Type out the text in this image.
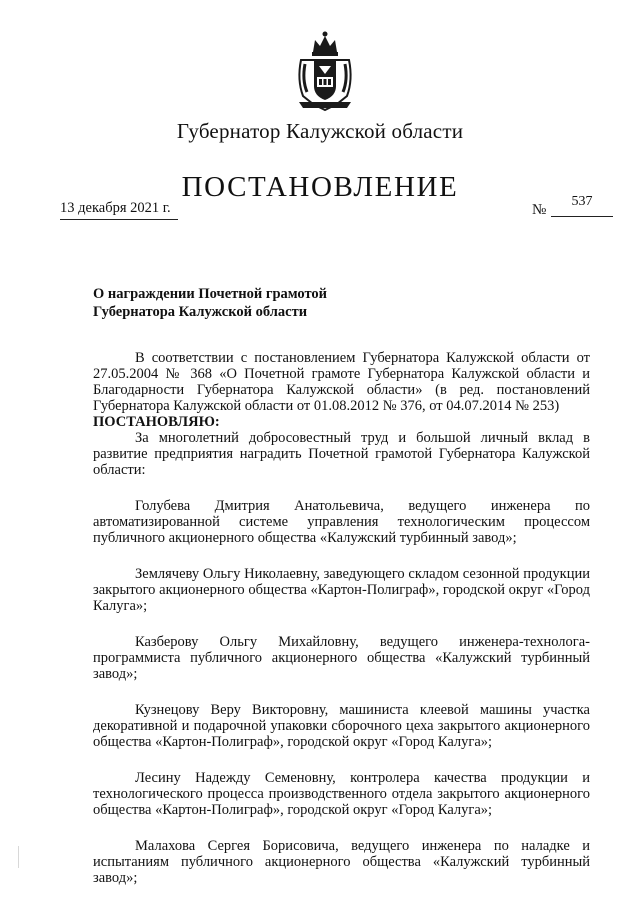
Губернатор Калужской области
ПОСТАНОВЛЕНИЕ
13 декабря 2021 г.	№
537
О награждении Почетной грамотой
Губернатора Калужской области

В соответствии с постановлением Губернатора Калужской области от 27.05.2004 № 368 «О Почетной грамоте Губернатора Калужской области и Благодарности Губернатора Калужской области» (в ред. постановлений Губернатора Калужской области от 01.08.2012 № 376, от 04.07.2014 № 253)

ПОСТАНОВЛЯЮ:

За многолетний добросовестный труд и большой личный вклад в развитие предприятия наградить Почетной грамотой Губернатора Калужской области:

Голубева Дмитрия Анатольевича, ведущего инженера по автоматизированной системе управления технологическим процессом публичного акционерного общества «Калужский турбинный завод»;

Землячеву Ольгу Николаевну, заведующего складом сезонной продукции закрытого акционерного общества «Картон-Полиграф», городской округ «Город Калуга»;

Казберову Ольгу Михайловну, ведущего инженера-технолога-программиста публичного акционерного общества «Калужский турбинный завод»;

Кузнецову Веру Викторовну, машиниста клеевой машины участка декоративной и подарочной упаковки сборочного цеха закрытого акционерного общества «Картон-Полиграф», городской округ «Город Калуга»;

Лесину Надежду Семеновну, контролера качества продукции и технологического процесса производственного отдела закрытого акционерного общества «Картон-Полиграф», городской округ «Город Калуга»;

Малахова Сергея Борисовича, ведущего инженера по наладке и испытаниям публичного акционерного общества «Калужский турбинный завод»;
